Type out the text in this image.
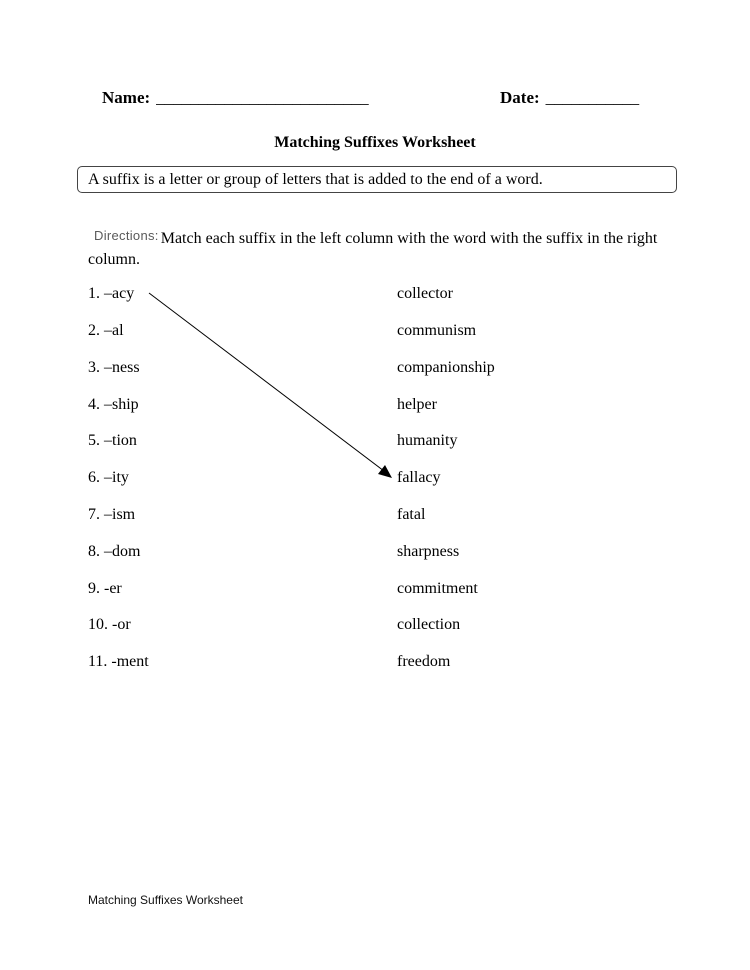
Name: _________________________	Date: ___________
Matching Suffixes Worksheet
A suffix is a letter or group of letters that is added to the end of a word.
Directions: Match each suffix in the left column with the word with the suffix in the right column.
1. –acy
2. –al
3. –ness
4. –ship
5. –tion
6. –ity
7. –ism
8. –dom
9. -er
10. -or
11. -ment
collector
communism
companionship
helper
humanity
fallacy
fatal
sharpness
commitment
collection
freedom
Matching Suffixes Worksheet
